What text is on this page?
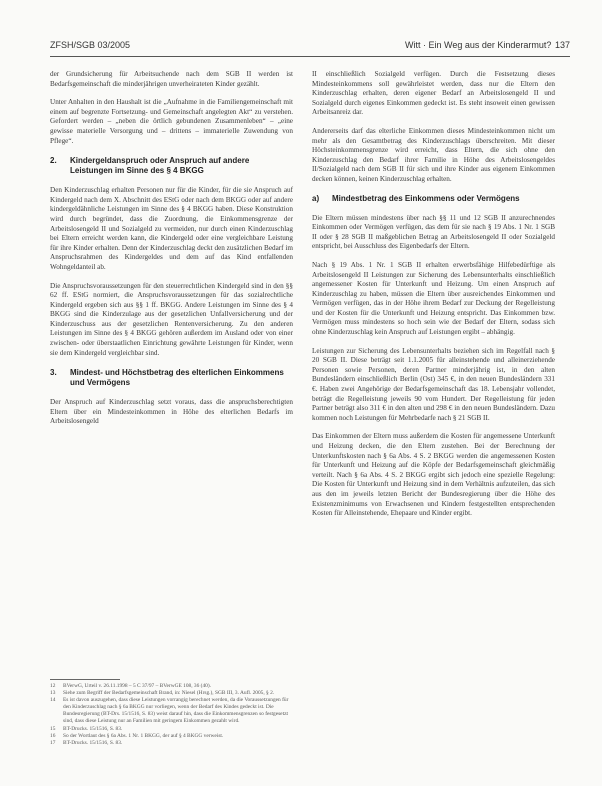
ZFSH/SGB 03/2005	Witt · Ein Weg aus der Kinderarmut? 137

der Grundsicherung für Arbeitsuchende nach dem SGB II werden ist Bedarfsgemeinschaft die minderjährigen unverheirateten Kinder gezählt.

Unter Anhalten in den Haushalt ist die „Aufnahme in die Familiengemeinschaft mit einem auf begrenzte Fortsetzung- und Gemeinschaft angelegten Akt“ zu verstehen. Gefordert werden – „neben die örtlich gebundenen Zusammenleben“ – „eine gewisse materielle Versorgung und – drittens – immaterielle Zuwendung von Pflege“.

2.	Kindergeldanspruch oder Anspruch auf andere Leistungen im Sinne des § 4 BKGG

Den Kinderzuschlag erhalten Personen nur für die Kinder, für die sie Anspruch auf Kindergeld nach dem X. Abschnitt des EStG oder nach dem BKGG oder auf andere kindergeldähnliche Leistungen im Sinne des § 4 BKGG haben. Diese Konstruktion wird durch begründet, dass die Zuordnung, die Einkommensgrenze der Arbeitslosengeld II und Sozialgeld zu vermeiden, nur durch einen Kinderzuschlag bei Eltern erreicht werden kann, die Kindergeld oder eine vergleichbare Leistung für ihre Kinder erhalten. Denn der Kinderzuschlag deckt den zusätzlichen Bedarf im Anspruchsrahmen des Kindergeldes und dem auf das Kind entfallenden Wohngeldanteil ab.

Die Anspruchsvoraussetzungen für den steuerrechtlichen Kindergeld sind in den §§ 62 ff. EStG normiert, die Anspruchsvoraussetzungen für das sozialrechtliche Kindergeld ergeben sich aus §§ 1 ff. BKGG. Andere Leistungen im Sinne des § 4 BKGG sind die Kinderzulage aus der gesetzlichen Unfallversicherung und der Kinderzuschuss aus der gesetzlichen Rentenversicherung. Zu den anderen Leistungen im Sinne des § 4 BKGG gehören außerdem im Ausland oder von einer zwischen- oder überstaatlichen Einrichtung gewährte Leistungen für Kinder, wenn sie dem Kindergeld vergleichbar sind.

3.	Mindest- und Höchstbetrag des elterlichen Einkommens und Vermögens

Der Anspruch auf Kinderzuschlag setzt voraus, dass die anspruchsberechtigten Eltern über ein Mindesteinkommen in Höhe des elterlichen Bedarfs im Arbeitslosengeld

12	BVerwG, Urteil v. 26.11.1998 – 5 C 37/97 – BVerwGE 108, 36 (40).
13	Siehe zum Begriff der Bedarfsgemeinschaft Brand, in: Niesel (Hrsg.), SGB III, 3. Aufl. 2005, § 2.
14	Es ist davon auszugehen, dass diese Leistungen vorrangig berechnet werden, da die Voraussetzungen für den Kinderzuschlag nach § 6a BKGG nur vorliegen, wenn der Bedarf des Kindes gedeckt ist. Die Bundesregierung (BT-Drs. 15/1516, S. 83) weist darauf hin, dass die Einkommensgrenzen so festgesetzt sind, dass diese Leistung nur an Familien mit geringem Einkommen gezahlt wird.
15	BT-Drucks. 15/1516, S. 83.
16	So der Wortlaut des § 6a Abs. 1 Nr. 1 BKGG, der auf § 4 BKGG verweist.
17	BT-Drucks. 15/1516, S. 83.

II einschließlich Sozialgeld verfügen. Durch die Festsetzung dieses Mindesteinkommens soll gewährleistet werden, dass nur die Eltern den Kinderzuschlag erhalten, deren eigener Bedarf an Arbeitslosengeld II und Sozialgeld durch eigenes Einkommen gedeckt ist. Es steht insoweit einen gewissen Arbeitsanreiz dar.

Andererseits darf das elterliche Einkommen dieses Mindesteinkommen nicht um mehr als den Gesamtbetrag des Kinderzuschlags überschreiten. Mit dieser Höchsteinkommensgrenze wird erreicht, dass Eltern, die sich ohne den Kinderzuschlag den Bedarf ihrer Familie in Höhe des Arbeitslosengeldes II/Sozialgeld nach dem SGB II für sich und ihre Kinder aus eigenem Einkommen decken können, keinen Kinderzuschlag erhalten.

a)	Mindestbetrag des Einkommens oder Vermögens

Die Eltern müssen mindestens über nach §§ 11 und 12 SGB II anzurechnendes Einkommen oder Vermögen verfügen, das dem für sie nach § 19 Abs. 1 Nr. 1 SGB II oder § 28 SGB II maßgeblichen Betrag an Arbeitslosengeld II oder Sozialgeld entspricht, bei Ausschluss des Eigenbedarfs der Eltern.

Nach § 19 Abs. 1 Nr. 1 SGB II erhalten erwerbsfähige Hilfebedürftige als Arbeitslosengeld II Leistungen zur Sicherung des Lebensunterhalts einschließlich angemessener Kosten für Unterkunft und Heizung. Um einen Anspruch auf Kinderzuschlag zu haben, müssen die Eltern über ausreichendes Einkommen und Vermögen verfügen, das in der Höhe ihrem Bedarf zur Deckung der Regelleistung und der Kosten für die Unterkunft und Heizung entspricht. Das Einkommen bzw. Vermögen muss mindestens so hoch sein wie der Bedarf der Eltern, sodass sich ohne Kinderzuschlag kein Anspruch auf Leistungen ergibt – abhängig.

Leistungen zur Sicherung des Lebensunterhalts beziehen sich im Regelfall nach § 20 SGB II. Diese beträgt seit 1.1.2005 für alleinstehende und alleinerziehende Personen sowie Personen, deren Partner minderjährig ist, in den alten Bundesländern einschließlich Berlin (Ost) 345 €, in den neuen Bundesländern 331 €. Haben zwei Angehörige der Bedarfsgemeinschaft das 18. Lebensjahr vollendet, beträgt die Regelleistung jeweils 90 vom Hundert. Der Regelleistung für jeden Partner beträgt also 311 € in den alten und 298 € in den neuen Bundesländern. Dazu kommen noch Leistungen für Mehrbedarfe nach § 21 SGB II.

Das Einkommen der Eltern muss außerdem die Kosten für angemessene Unterkunft und Heizung decken, die den Eltern zustehen. Bei der Berechnung der Unterkunftskosten nach § 6a Abs. 4 S. 2 BKGG werden die angemessenen Kosten für Unterkunft und Heizung auf die Köpfe der Bedarfsgemeinschaft gleichmäßig verteilt. Nach § 6a Abs. 4 S. 2 BKGG ergibt sich jedoch eine spezielle Regelung: Die Kosten für Unterkunft und Heizung sind in dem Verhältnis aufzuteilen, das sich aus den im jeweils letzten Bericht der Bundesregierung über die Höhe des Existenzminimums von Erwachsenen und Kindern festgestellten entsprechenden Kosten für Alleinstehende, Ehepaare und Kinder ergibt.
